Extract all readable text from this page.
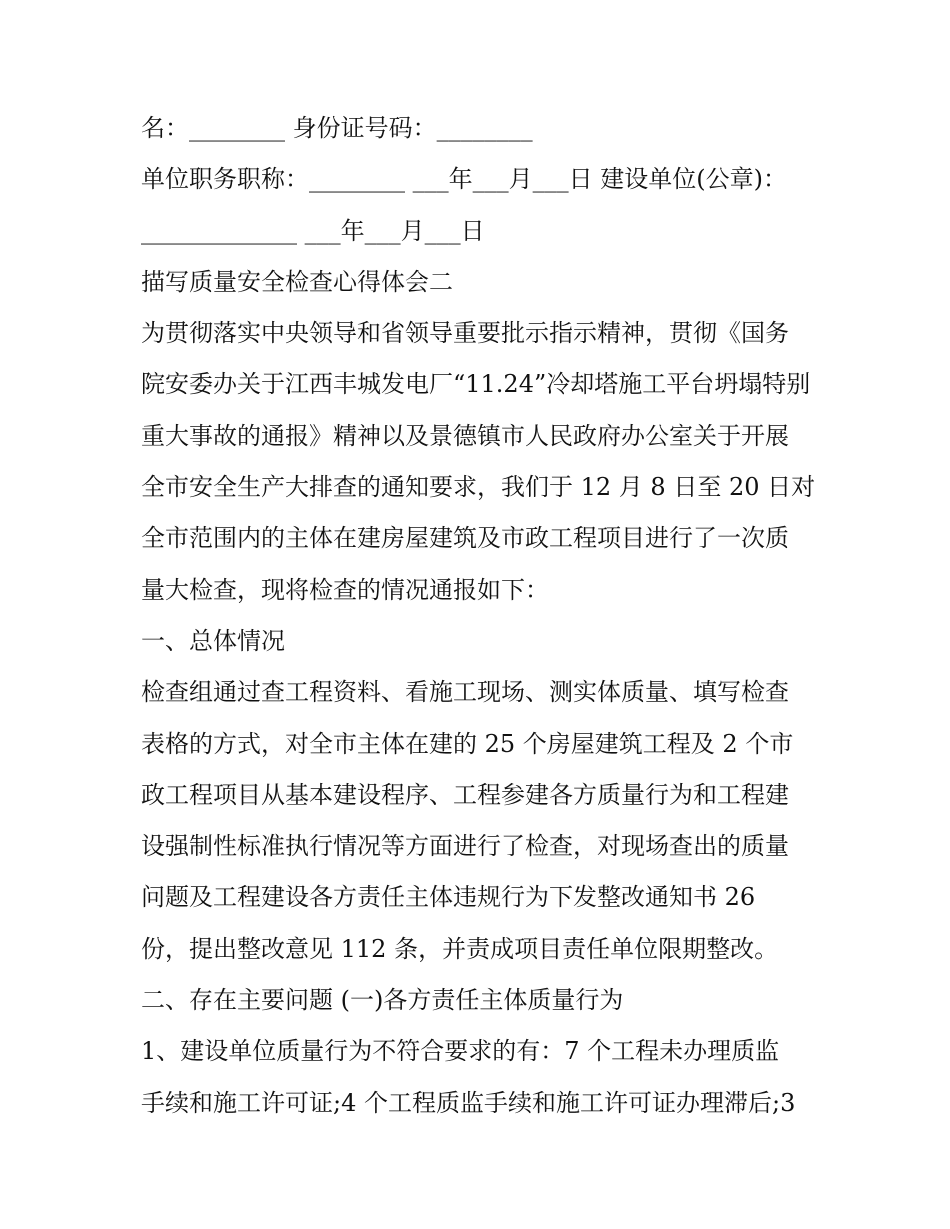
名：________ 身份证号码：________
单位职务职称：________ ___年___月___日 建设单位(公章)：
_____________ ___年___月___日
描写质量安全检查心得体会二
为贯彻落实中央领导和省领导重要批示指示精神，贯彻《国务
院安委办关于江西丰城发电厂“11.24”冷却塔施工平台坍塌特别
重大事故的通报》精神以及景德镇市人民政府办公室关于开展
全市安全生产大排查的通知要求，我们于 12 月 8 日至 20 日对
全市范围内的主体在建房屋建筑及市政工程项目进行了一次质
量大检查，现将检查的情况通报如下：
一、总体情况
检查组通过查工程资料、看施工现场、测实体质量、填写检查
表格的方式，对全市主体在建的 25 个房屋建筑工程及 2 个市
政工程项目从基本建设程序、工程参建各方质量行为和工程建
设强制性标准执行情况等方面进行了检查，对现场查出的质量
问题及工程建设各方责任主体违规行为下发整改通知书 26
份，提出整改意见 112 条，并责成项目责任单位限期整改。
二、存在主要问题 (一)各方责任主体质量行为
1、建设单位质量行为不符合要求的有：7 个工程未办理质监
手续和施工许可证;4 个工程质监手续和施工许可证办理滞后;3
